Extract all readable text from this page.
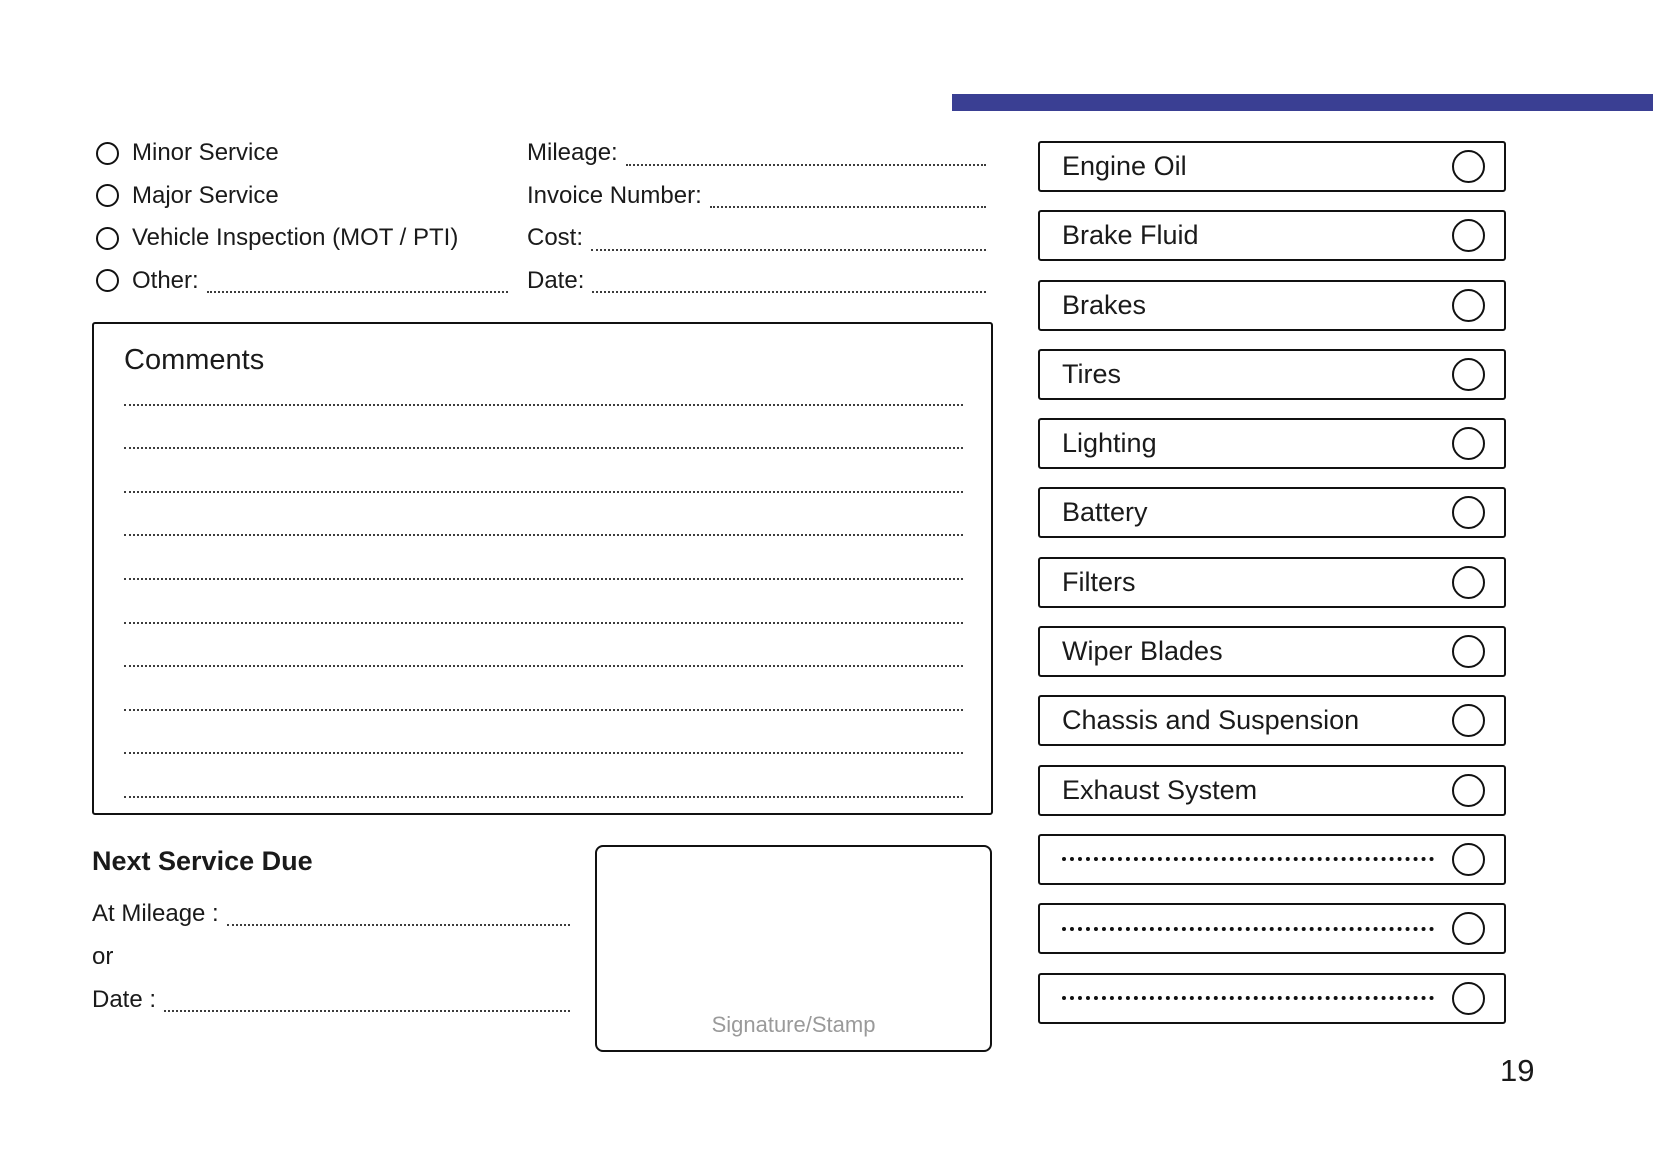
Minor Service
Major Service
Vehicle Inspection (MOT / PTI)
Other:
Mileage:
Invoice Number:
Cost:
Date:
Comments
Next Service Due
At Mileage :
or
Date :
Signature/Stamp
Engine Oil
Brake Fluid
Brakes
Tires
Lighting
Battery
Filters
Wiper Blades
Chassis and Suspension
Exhaust System
19
